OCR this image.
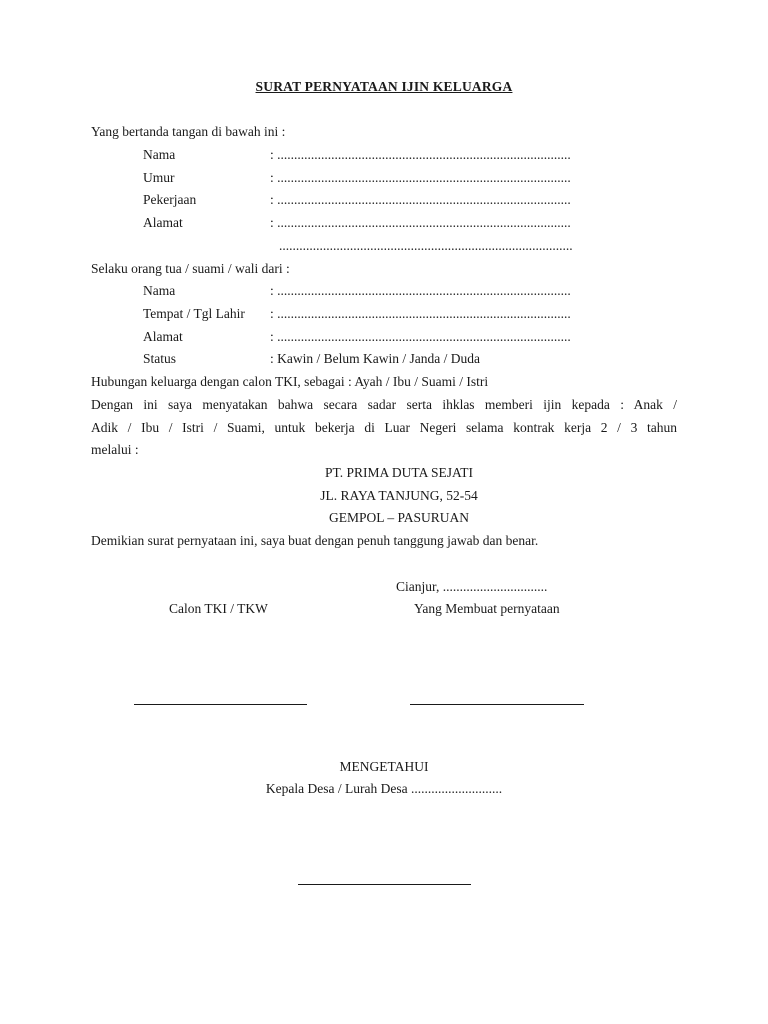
SURAT PERNYATAAN IJIN KELUARGA
Yang bertanda tangan di bawah ini :
Nama	: .......................................................................................
Umur	: .......................................................................................
Pekerjaan	: .......................................................................................
Alamat	: .......................................................................................
.......................................................................................
Selaku orang tua / suami / wali dari :
Nama	: .......................................................................................
Tempat / Tgl Lahir : .......................................................................................
Alamat	: .......................................................................................
Status	: Kawin / Belum Kawin / Janda / Duda
Hubungan keluarga dengan calon TKI, sebagai : Ayah / Ibu / Suami / Istri
Dengan ini saya menyatakan bahwa secara sadar serta ihklas memberi ijin kepada : Anak /
Adik / Ibu / Istri / Suami, untuk bekerja di Luar Negeri selama kontrak kerja 2 / 3 tahun
melalui :
PT. PRIMA DUTA SEJATI
JL. RAYA TANJUNG, 52-54
GEMPOL – PASURUAN
Demikian surat pernyataan ini, saya buat dengan penuh tanggung jawab dan benar.
Cianjur, ...............................
Calon TKI / TKW	Yang Membuat pernyataan
MENGETAHUI
Kepala Desa / Lurah Desa ...........................
